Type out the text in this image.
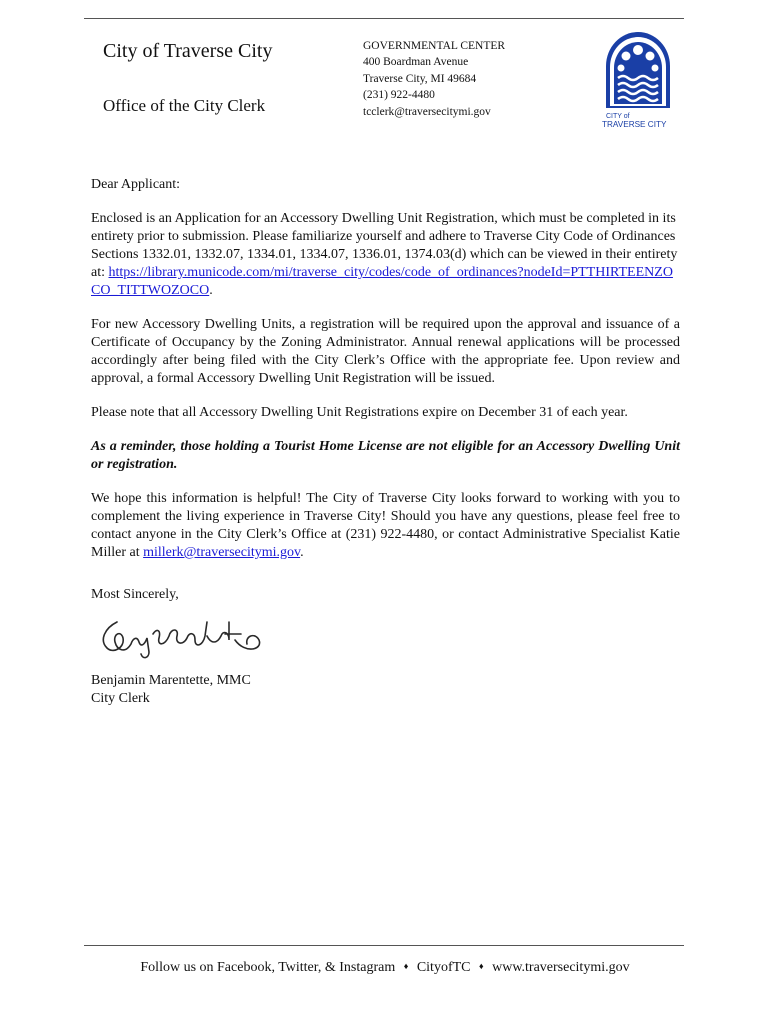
City of Traverse City
Office of the City Clerk
GOVERNMENTAL CENTER
400 Boardman Avenue
Traverse City, MI 49684
(231) 922-4480
tcclerk@traversecitymi.gov	CITY of
TRAVERSE CITY

Dear Applicant:

Enclosed is an Application for an Accessory Dwelling Unit Registration, which must be completed in its entirety prior to submission. Please familiarize yourself and adhere to Traverse City Code of Ordinances Sections 1332.01, 1332.07, 1334.01, 1334.07, 1336.01, 1374.03(d) which can be viewed in their entirety at: https://library.municode.com/mi/traverse_city/codes/code_of_ordinances?nodeId=PTTHIRTEENZOCO_TITTWOZOCO.

For new Accessory Dwelling Units, a registration will be required upon the approval and issuance of a Certificate of Occupancy by the Zoning Administrator. Annual renewal applications will be processed accordingly after being filed with the City Clerk’s Office with the appropriate fee. Upon review and approval, a formal Accessory Dwelling Unit Registration will be issued.

Please note that all Accessory Dwelling Unit Registrations expire on December 31 of each year.

As a reminder, those holding a Tourist Home License are not eligible for an Accessory Dwelling Unit or registration.

We hope this information is helpful! The City of Traverse City looks forward to working with you to complement the living experience in Traverse City! Should you have any questions, please feel free to contact anyone in the City Clerk’s Office at (231) 922-4480, or contact Administrative Specialist Katie Miller at millerk@traversecitymi.gov.

Most Sincerely,

Benjamin Marentette, MMC

City Clerk

Follow us on Facebook, Twitter, & Instagram ♦ CityofTC ♦ www.traversecitymi.gov
